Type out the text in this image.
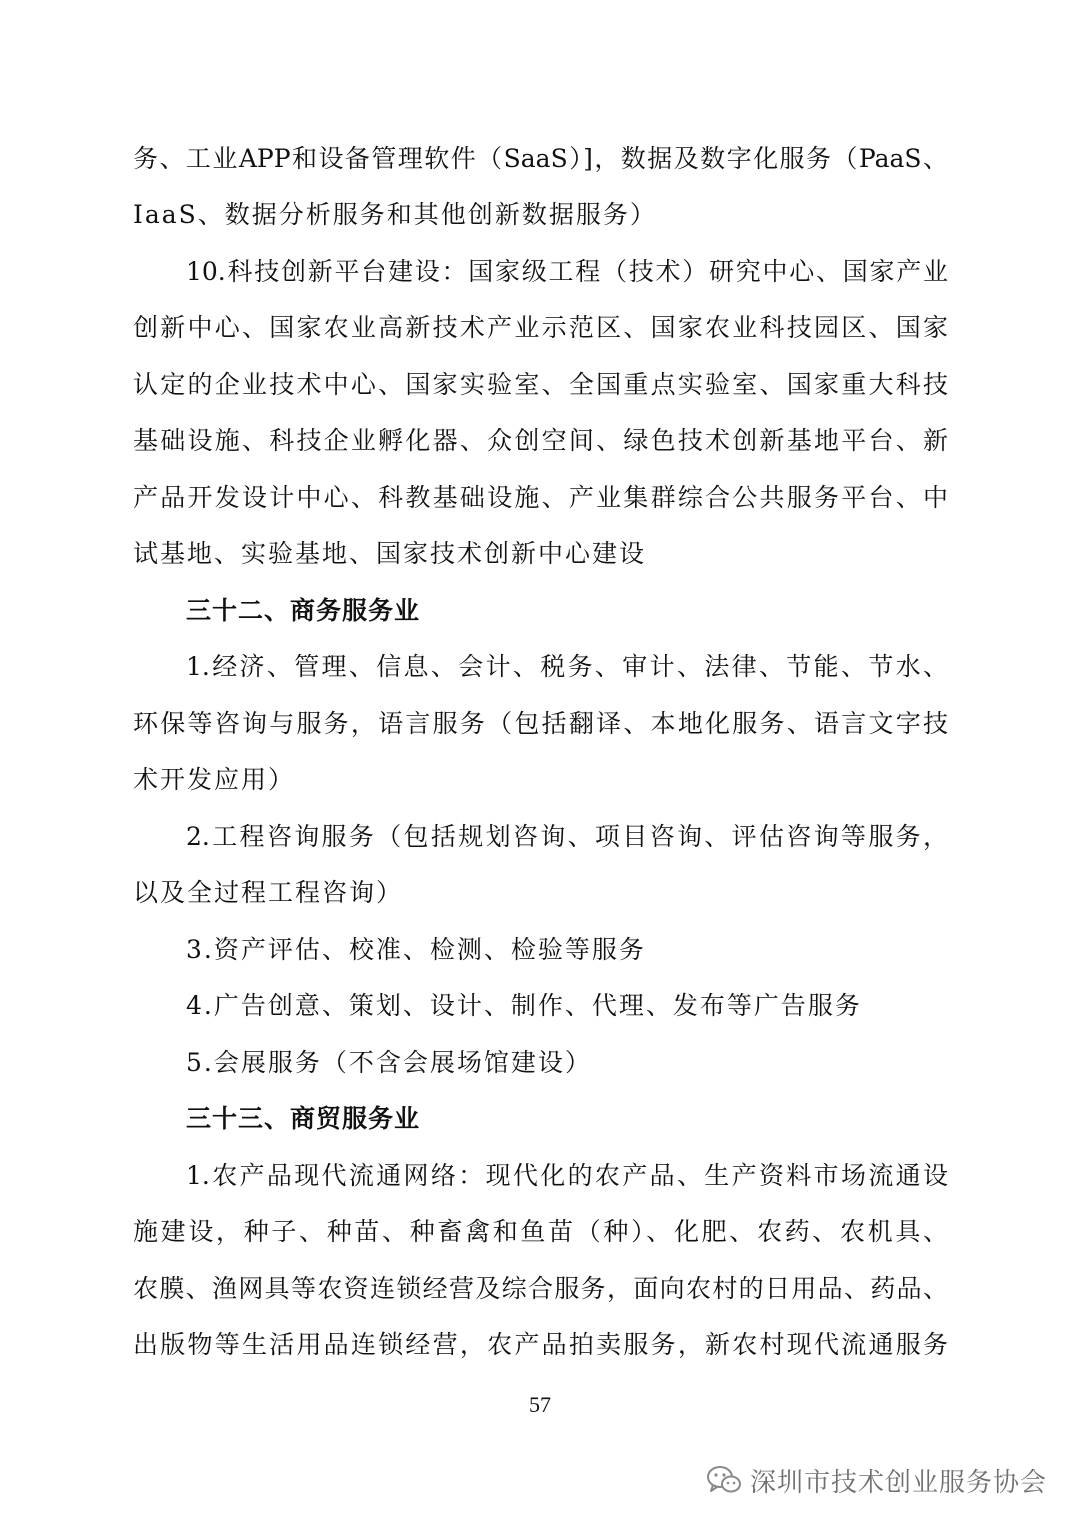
务、工业APP和设备管理软件（SaaS）]，数据及数字化服务（PaaS、
IaaS、数据分析服务和其他创新数据服务）
10.科技创新平台建设：国家级工程（技术）研究中心、国家产业
创新中心、国家农业高新技术产业示范区、国家农业科技园区、国家
认定的企业技术中心、国家实验室、全国重点实验室、国家重大科技
基础设施、科技企业孵化器、众创空间、绿色技术创新基地平台、新
产品开发设计中心、科教基础设施、产业集群综合公共服务平台、中
试基地、实验基地、国家技术创新中心建设
三十二、商务服务业
1.经济、管理、信息、会计、税务、审计、法律、节能、节水、
环保等咨询与服务，语言服务（包括翻译、本地化服务、语言文字技
术开发应用）
2.工程咨询服务（包括规划咨询、项目咨询、评估咨询等服务，
以及全过程工程咨询）
3.资产评估、校准、检测、检验等服务
4.广告创意、策划、设计、制作、代理、发布等广告服务
5.会展服务（不含会展场馆建设）
三十三、商贸服务业
1.农产品现代流通网络：现代化的农产品、生产资料市场流通设
施建设，种子、种苗、种畜禽和鱼苗（种）、化肥、农药、农机具、
农膜、渔网具等农资连锁经营及综合服务，面向农村的日用品、药品、
出版物等生活用品连锁经营，农产品拍卖服务，新农村现代流通服务
57
深圳市技术创业服务协会
